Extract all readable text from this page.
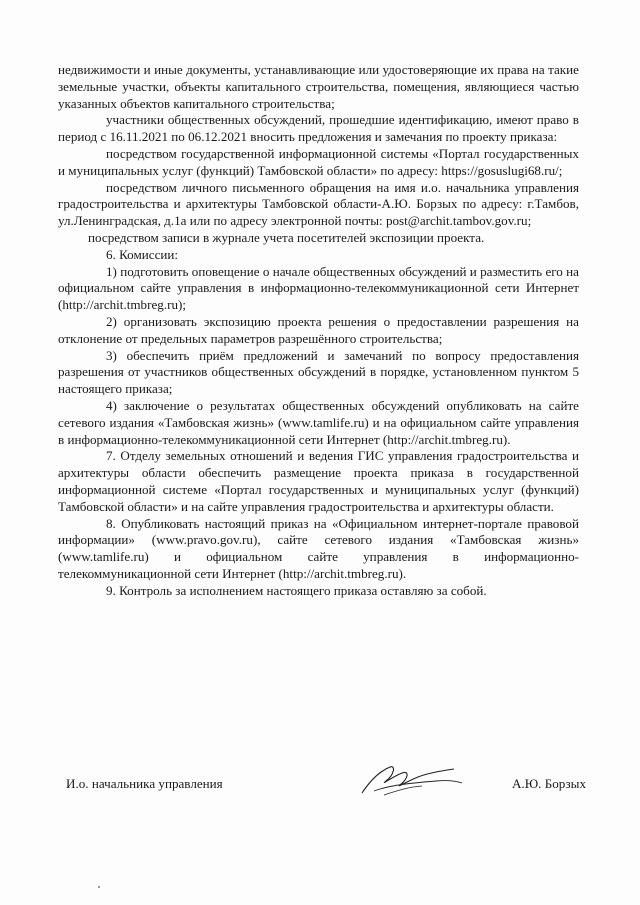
недвижимости и иные документы, устанавливающие или удостоверяющие их права на такие земельные участки, объекты капитального строительства, помещения, являющиеся частью указанных объектов капитального строительства;

участники общественных обсуждений, прошедшие идентификацию, имеют право в период с 16.11.2021 по 06.12.2021 вносить предложения и замечания по проекту приказа:

посредством государственной информационной системы «Портал государственных и муниципальных услуг (функций) Тамбовской области» по адресу: https://gosuslugi68.ru/;

посредством личного письменного обращения на имя и.о. начальника управления градостроительства и архитектуры Тамбовской области-А.Ю. Борзых по адресу: г.Тамбов, ул.Ленинградская, д.1а или по адресу электронной почты: post@archit.tambov.gov.ru;

посредством записи в журнале учета посетителей экспозиции проекта.

6. Комиссии:

1) подготовить оповещение о начале общественных обсуждений и разместить его на официальном сайте управления в информационно-телекоммуникационной сети Интернет (http://archit.tmbreg.ru);

2) организовать экспозицию проекта решения о предоставлении разрешения на отклонение от предельных параметров разрешённого строительства;

3) обеспечить приём предложений и замечаний по вопросу предоставления разрешения от участников общественных обсуждений в порядке, установленном пунктом 5 настоящего приказа;

4) заключение о результатах общественных обсуждений опубликовать на сайте сетевого издания «Тамбовская жизнь» (www.tamlife.ru) и на официальном сайте управления в информационно-телекоммуникационной сети Интернет (http://archit.tmbreg.ru).

7. Отделу земельных отношений и ведения ГИС управления градостроительства и архитектуры области обеспечить размещение проекта приказа в государственной информационной системе «Портал государственных и муниципальных услуг (функций) Тамбовской области» и на сайте управления градостроительства и архитектуры области.

8. Опубликовать настоящий приказ на «Официальном интернет-портале правовой информации» (www.pravo.gov.ru), сайте сетевого издания «Тамбовская жизнь» (www.tamlife.ru) и официальном сайте управления в информационно-телекоммуникационной сети Интернет (http://archit.tmbreg.ru).

9. Контроль за исполнением настоящего приказа оставляю за собой.

И.о. начальника управления	А.Ю. Борзых
